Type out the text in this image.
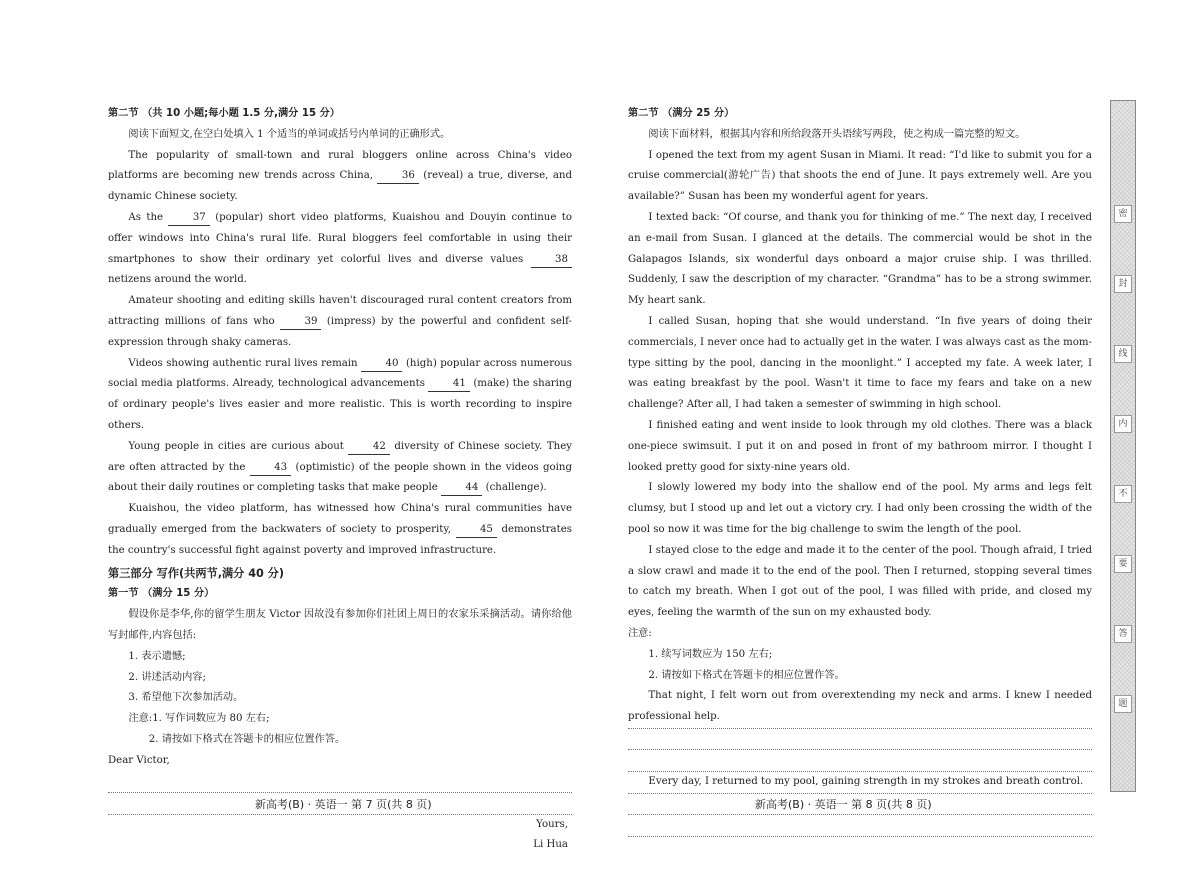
第二节 （共 10 小题;每小题 1.5 分,满分 15 分）

阅读下面短文,在空白处填入 1 个适当的单词或括号内单词的正确形式。

The popularity of small-town and rural bloggers online across China's video platforms are becoming new trends across China,	36 (reveal) a true, diverse, and dynamic Chinese society.

As the	37 (popular) short video platforms, Kuaishou and Douyin continue to offer windows into China's rural life. Rural bloggers feel comfortable in using their smartphones to show their ordinary yet colorful lives and diverse values	38 netizens around the world.

Amateur shooting and editing skills haven't discouraged rural content creators from attracting millions of fans who	39 (impress) by the powerful and confident self-expression through shaky cameras.

Videos showing authentic rural lives remain	40 (high) popular across numerous social media platforms. Already, technological advancements	41 (make) the sharing of ordinary people's lives easier and more realistic. This is worth recording to inspire others.

Young people in cities are curious about	42 diversity of Chinese society. They are often attracted by the	43 (optimistic) of the people shown in the videos going about their daily routines or completing tasks that make people	44 (challenge).

Kuaishou, the video platform, has witnessed how China's rural communities have gradually emerged from the backwaters of society to prosperity,	45 demonstrates the country's successful fight against poverty and improved infrastructure.

第三部分 写作(共两节,满分 40 分)

第一节 （满分 15 分）

假设你是李华,你的留学生朋友 Victor 因故没有参加你们社团上周日的农家乐采摘活动。请你给他写封邮件,内容包括:

1. 表示遗憾;

2. 讲述活动内容;

3. 希望他下次参加活动。

注意:1. 写作词数应为 80 左右;

2. 请按如下格式在答题卡的相应位置作答。

Dear Victor,

Yours,

Li Hua

新高考(B) · 英语一 第 7 页(共 8 页)

第二节 （满分 25 分）

阅读下面材料，根据其内容和所给段落开头语续写两段，使之构成一篇完整的短文。

I opened the text from my agent Susan in Miami. It read: “I'd like to submit you for a cruise commercial(游轮广告) that shoots the end of June. It pays extremely well. Are you available?” Susan has been my wonderful agent for years.

I texted back: “Of course, and thank you for thinking of me.” The next day, I received an e-mail from Susan. I glanced at the details. The commercial would be shot in the Galapagos Islands, six wonderful days onboard a major cruise ship. I was thrilled. Suddenly, I saw the description of my character. “Grandma” has to be a strong swimmer. My heart sank.

I called Susan, hoping that she would understand. “In five years of doing their commercials, I never once had to actually get in the water. I was always cast as the mom-type sitting by the pool, dancing in the moonlight.” I accepted my fate. A week later, I was eating breakfast by the pool. Wasn't it time to face my fears and take on a new challenge? After all, I had taken a semester of swimming in high school.

I finished eating and went inside to look through my old clothes. There was a black one-piece swimsuit. I put it on and posed in front of my bathroom mirror. I thought I looked pretty good for sixty-nine years old.

I slowly lowered my body into the shallow end of the pool. My arms and legs felt clumsy, but I stood up and let out a victory cry. I had only been crossing the width of the pool so now it was time for the big challenge to swim the length of the pool.

I stayed close to the edge and made it to the center of the pool. Though afraid, I tried a slow crawl and made it to the end of the pool. Then I returned, stopping several times to catch my breath. When I got out of the pool, I was filled with pride, and closed my eyes, feeling the warmth of the sun on my exhausted body.

注意:

1. 续写词数应为 150 左右;

2. 请按如下格式在答题卡的相应位置作答。

That night, I felt worn out from overextending my neck and arms. I knew I needed professional help.

Every day, I returned to my pool, gaining strength in my strokes and breath control.

新高考(B) · 英语一 第 8 页(共 8 页)
密
封
线
内
不
要
答
题
